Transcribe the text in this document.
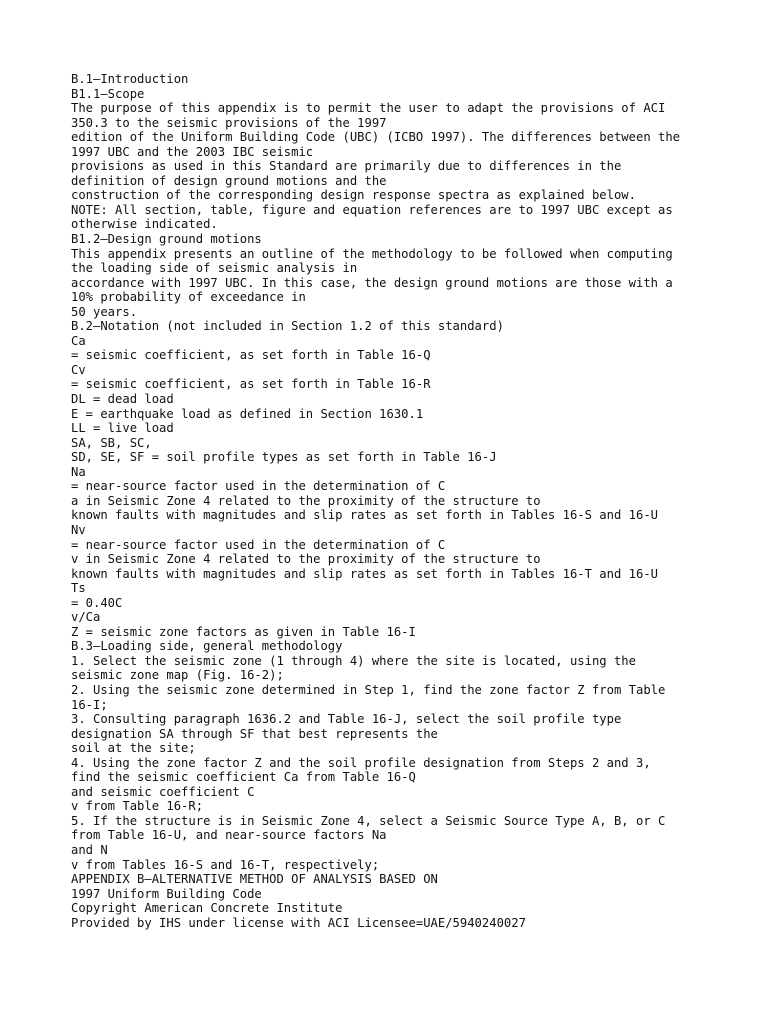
B.1—Introduction
B1.1—Scope
The purpose of this appendix is to permit the user to adapt the provisions of ACI
350.3 to the seismic provisions of the 1997
edition of the Uniform Building Code (UBC) (ICBO 1997). The differences between the
1997 UBC and the 2003 IBC seismic
provisions as used in this Standard are primarily due to differences in the
definition of design ground motions and the
construction of the corresponding design response spectra as explained below.
NOTE: All section, table, figure and equation references are to 1997 UBC except as
otherwise indicated.
B1.2—Design ground motions
This appendix presents an outline of the methodology to be followed when computing
the loading side of seismic analysis in
accordance with 1997 UBC. In this case, the design ground motions are those with a
10% probability of exceedance in
50 years.
B.2—Notation (not included in Section 1.2 of this standard)
Ca
= seismic coefficient, as set forth in Table 16-Q
Cv
= seismic coefficient, as set forth in Table 16-R
DL = dead load
E = earthquake load as defined in Section 1630.1
LL = live load
SA, SB, SC,
SD, SE, SF = soil profile types as set forth in Table 16-J
Na
= near-source factor used in the determination of C
a in Seismic Zone 4 related to the proximity of the structure to
known faults with magnitudes and slip rates as set forth in Tables 16-S and 16-U
Nv
= near-source factor used in the determination of C
v in Seismic Zone 4 related to the proximity of the structure to
known faults with magnitudes and slip rates as set forth in Tables 16-T and 16-U
Ts
= 0.40C
v/Ca
Z = seismic zone factors as given in Table 16-I
B.3—Loading side, general methodology
1. Select the seismic zone (1 through 4) where the site is located, using the
seismic zone map (Fig. 16-2);
2. Using the seismic zone determined in Step 1, find the zone factor Z from Table
16-I;
3. Consulting paragraph 1636.2 and Table 16-J, select the soil profile type
designation SA through SF that best represents the
soil at the site;
4. Using the zone factor Z and the soil profile designation from Steps 2 and 3,
find the seismic coefficient Ca from Table 16-Q
and seismic coefficient C
v from Table 16-R;
5. If the structure is in Seismic Zone 4, select a Seismic Source Type A, B, or C
from Table 16-U, and near-source factors Na
and N
v from Tables 16-S and 16-T, respectively;
APPENDIX B—ALTERNATIVE METHOD OF ANALYSIS BASED ON
1997 Uniform Building Code
Copyright American Concrete Institute
Provided by IHS under license with ACI Licensee=UAE/5940240027
